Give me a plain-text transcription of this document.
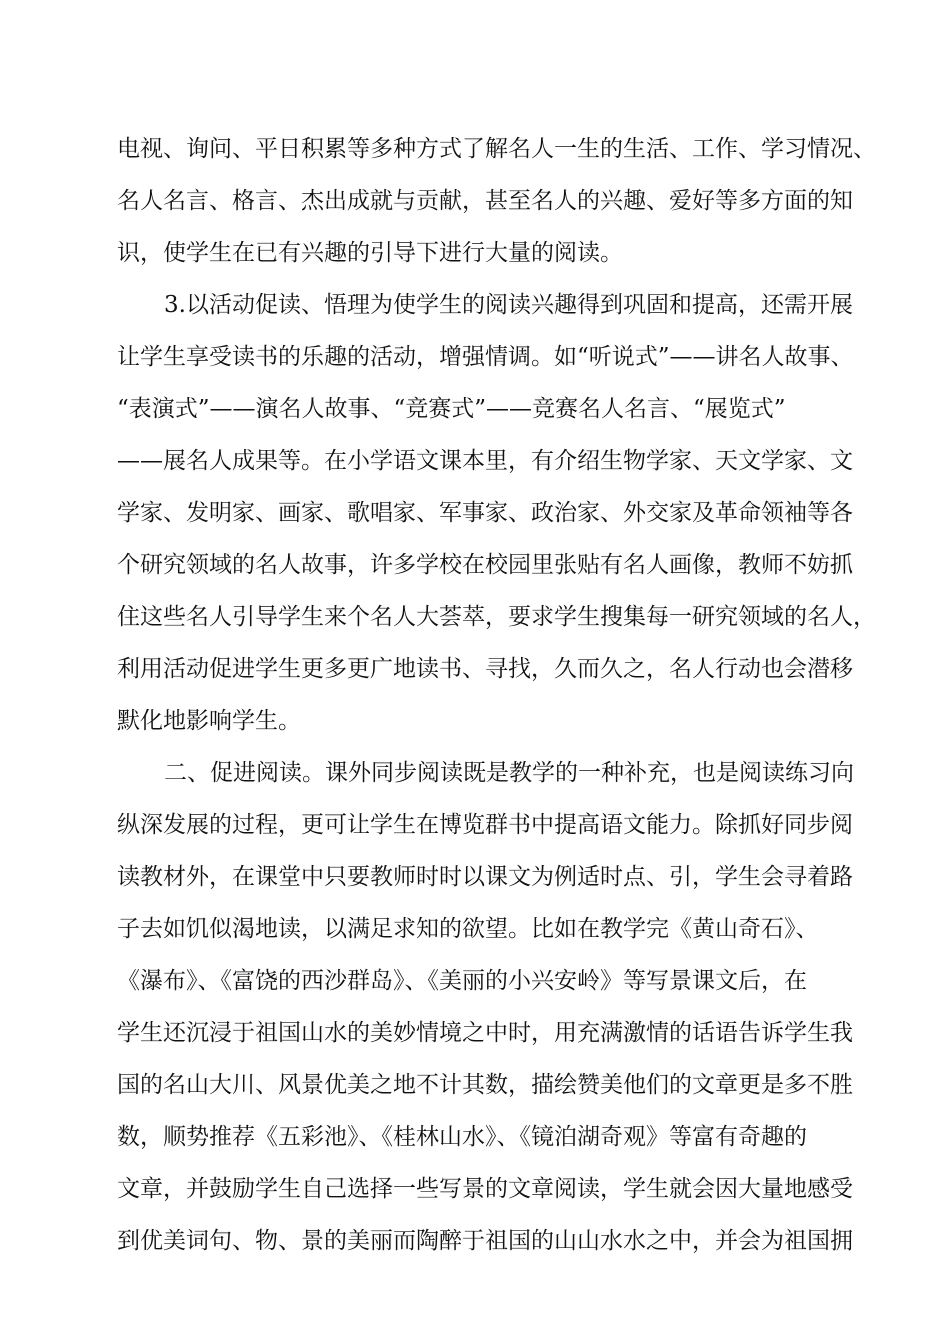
电视、询问、平日积累等多种方式了解名人一生的生活、工作、学习情况、
名人名言、格言、杰出成就与贡献，甚至名人的兴趣、爱好等多方面的知
识，使学生在已有兴趣的引导下进行大量的阅读。
3.以活动促读、悟理为使学生的阅读兴趣得到巩固和提高，还需开展
让学生享受读书的乐趣的活动，增强情调。如“听说式”——讲名人故事、
“表演式”——演名人故事、“竞赛式”——竞赛名人名言、“展览式”
——展名人成果等。在小学语文课本里，有介绍生物学家、天文学家、文
学家、发明家、画家、歌唱家、军事家、政治家、外交家及革命领袖等各
个研究领域的名人故事，许多学校在校园里张贴有名人画像，教师不妨抓
住这些名人引导学生来个名人大荟萃，要求学生搜集每一研究领域的名人，
利用活动促进学生更多更广地读书、寻找，久而久之，名人行动也会潜移
默化地影响学生。
二、促进阅读。课外同步阅读既是教学的一种补充，也是阅读练习向
纵深发展的过程，更可让学生在博览群书中提高语文能力。除抓好同步阅
读教材外，在课堂中只要教师时时以课文为例适时点、引，学生会寻着路
子去如饥似渴地读，以满足求知的欲望。比如在教学完《黄山奇石》、
《瀑布》、《富饶的西沙群岛》、《美丽的小兴安岭》等写景课文后，在
学生还沉浸于祖国山水的美妙情境之中时，用充满激情的话语告诉学生我
国的名山大川、风景优美之地不计其数，描绘赞美他们的文章更是多不胜
数，顺势推荐《五彩池》、《桂林山水》、《镜泊湖奇观》等富有奇趣的
文章，并鼓励学生自己选择一些写景的文章阅读，学生就会因大量地感受
到优美词句、物、景的美丽而陶醉于祖国的山山水水之中，并会为祖国拥
